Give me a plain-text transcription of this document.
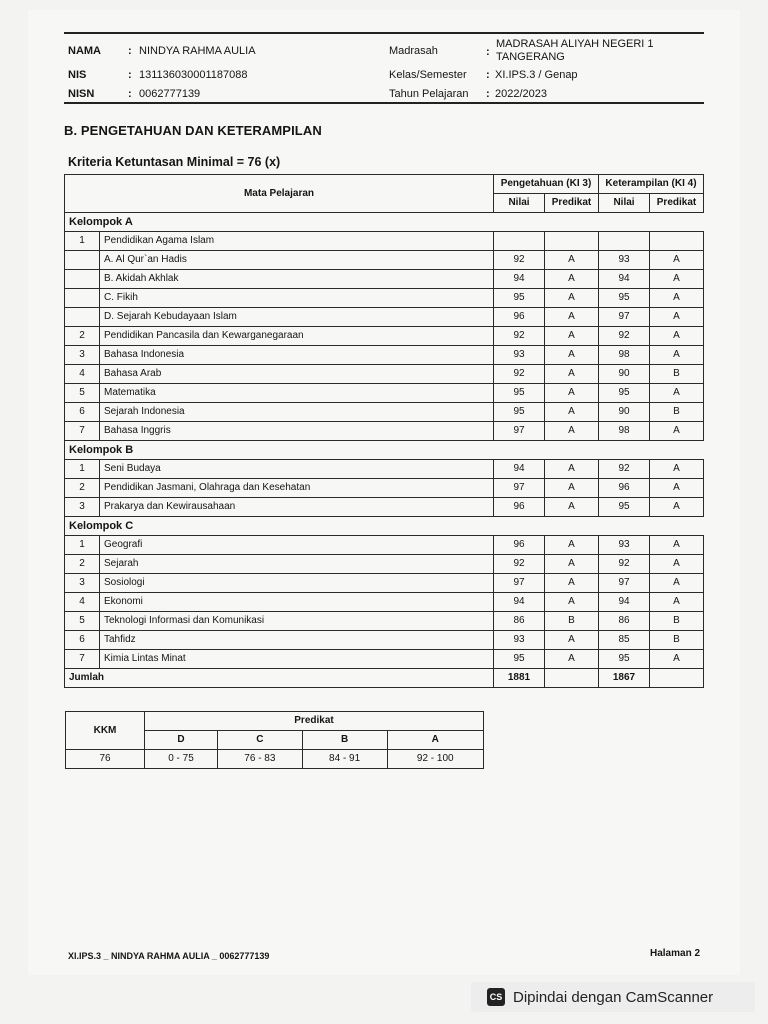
NAMA : NINDYA RAHMA AULIA
NIS	: 131136030001187088
NISN	: 0062777139
Madrasah	:
MADRASAH ALIYAH NEGERI 1
TANGERANG
Kelas/Semester : XI.IPS.3 / Genap
Tahun Pelajaran : 2022/2023
B. PENGETAHUAN DAN KETERAMPILAN
Kriteria Ketuntasan Minimal = 76 (x)
Mata Pelajaran		Pengetahuan (KI 3)		Keterampilan (KI 4)	
		Nilai	Predikat	Nilai	Predikat
Kelompok A					
1	Pendidikan Agama Islam				
	A. Al Qur`an Hadis	92	A	93	A
	B. Akidah Akhlak	94	A	94	A
	C. Fikih	95	A	95	A
	D. Sejarah Kebudayaan Islam	96	A	97	A
2	Pendidikan Pancasila dan Kewarganegaraan	92	A	92	A
3	Bahasa Indonesia	93	A	98	A
4	Bahasa Arab	92	A	90	B
5	Matematika	95	A	95	A
6	Sejarah Indonesia	95	A	90	B
7	Bahasa Inggris	97	A	98	A
Kelompok B					
1	Seni Budaya	94	A	92	A
2	Pendidikan Jasmani, Olahraga dan Kesehatan	97	A	96	A
3	Prakarya dan Kewirausahaan	96	A	95	A
Kelompok C					
1	Geografi	96	A	93	A
2	Sejarah	92	A	92	A
3	Sosiologi	97	A	97	A
4	Ekonomi	94	A	94	A
5	Teknologi Informasi dan Komunikasi	86	B	86	B
6	Tahfidz	93	A	85	B
7	Kimia Lintas Minat	95	A	95	A
Jumlah		1881		1867	
KKM	Predikat			
	D	C	B	A
76	0 - 75	76 - 83	84 - 91	92 - 100
XI.IPS.3 _ NINDYA RAHMA AULIA _ 0062777139	Halaman 2
CS Dipindai dengan CamScanner
